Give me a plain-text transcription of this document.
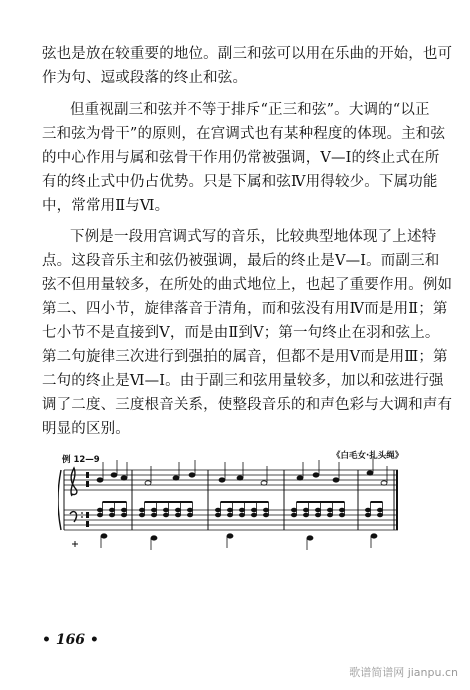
弦也是放在较重要的地位。副三和弦可以用在乐曲的开始，也可
作为句、逗或段落的终止和弦。
但重视副三和弦并不等于排斥“正三和弦”。大调的“以正
三和弦为骨干”的原则，在宫调式也有某种程度的体现。主和弦
的中心作用与属和弦骨干作用仍常被强调，Ⅴ—Ⅰ的终止式在所
有的终止式中仍占优势。只是下属和弦Ⅳ用得较少。下属功能
中，常常用Ⅱ与Ⅵ。
下例是一段用宫调式写的音乐，比较典型地体现了上述特
点。这段音乐主和弦仍被强调，最后的终止是Ⅴ—Ⅰ。而副三和
弦不但用量较多，在所处的曲式地位上，也起了重要作用。例如
第二、四小节，旋律落音于清角，而和弦没有用Ⅳ而是用Ⅱ；第
七小节不是直接到Ⅴ，而是由Ⅱ到Ⅴ；第一句终止在羽和弦上。
第二句旋律三次进行到强拍的属音，但都不是用Ⅴ而是用Ⅲ；第
二句的终止是Ⅵ—Ⅰ。由于副三和弦用量较多，加以和弦进行强
调了二度、三度根音关系，使整段音乐的和声色彩与大调和声有
明显的区别。
例 12—9	《白毛女·扎头绳》
• 166 •
歌谱简谱网 jianpu.cn
